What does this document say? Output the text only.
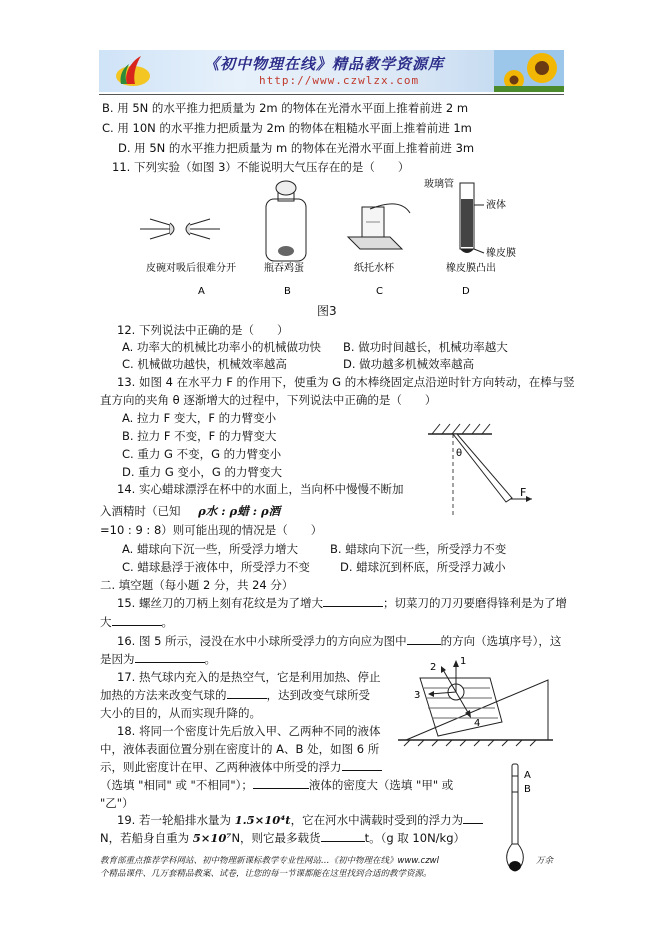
《初中物理在线》精品教学资源库
http://www.czwlzx.com
B. 用 5N 的水平推力把质量为 2m 的物体在光滑水平面上推着前进 2 m
C. 用 10N 的水平推力把质量为 2m 的物体在粗糙水平面上推着前进 1m
D. 用 5N 的水平推力把质量为 m 的物体在光滑水平面上推着前进 3m
11. 下列实验（如图 3）不能说明大气压存在的是（　　）
皮碗对吸后很难分开
A
瓶吞鸡蛋
B
纸托水杯
C
玻璃管
液体
橡皮膜
橡皮膜凸出
D
图3
12. 下列说法中正确的是（　　）
A. 功率大的机械比功率小的机械做功快 B. 做功时间越长，机械功率越大
C. 机械做功越快，机械效率越高	D. 做功越多机械效率越高
13. 如图 4 在水平力 F 的作用下，使重为 G 的木棒绕固定点沿逆时针方向转动，在棒与竖
直方向的夹角 θ 逐渐增大的过程中，下列说法中正确的是（　　）
A. 拉力 F 变大，F 的力臂变小
B. 拉力 F 不变，F 的力臂变大
C. 重力 G 不变，G 的力臂变小
D. 重力 G 变小，G 的力臂变大
θ
F
14. 实心蜡球漂浮在杯中的水面上，当向杯中慢慢不断加
入酒精时（已知 ρ水 : ρ蜡 : ρ酒
=10 : 9 : 8）则可能出现的情况是（　　）
A. 蜡球向下沉一些，所受浮力增大	B. 蜡球向下沉一些，所受浮力不变
C. 蜡球悬浮于液体中，所受浮力不变	D. 蜡球沉到杯底，所受浮力减小
二. 填空题（每小题 2 分，共 24 分）
15. 螺丝刀的刀柄上刻有花纹是为了增大	；切菜刀的刀刃要磨得锋利是为了增
大	。
16. 图 5 所示，浸没在水中小球所受浮力的方向应为图中	的方向（选填序号），这
是因为	。
17. 热气球内充入的是热空气，它是利用加热、停止
加热的方法来改变气球的	，达到改变气球所受
大小的目的，从而实现升降的。
1
2
3
4
18. 将同一个密度计先后放入甲、乙两种不同的液体
中，液体表面位置分别在密度计的 A、B 处，如图 6 所
示，则此密度计在甲、乙两种液体中所受的浮力
（选填 "相同" 或 "不相同"）；	液体的密度大（选填 "甲" 或
"乙"）
A
B
19. 若一轮船排水量为 1.5×10⁴t，它在河水中满载时受到的浮力为
N，若船身自重为 5×10⁷N，则它最多载货	t。（g 取 10N/kg）
教育部重点推荐学科网站、初中物理新课标教学专业性网站…《初中物理在线》www.czwl	万余
个精品课件、几万套精品教案、试卷，让您的每一节课都能在这里找到合适的教学资源。
